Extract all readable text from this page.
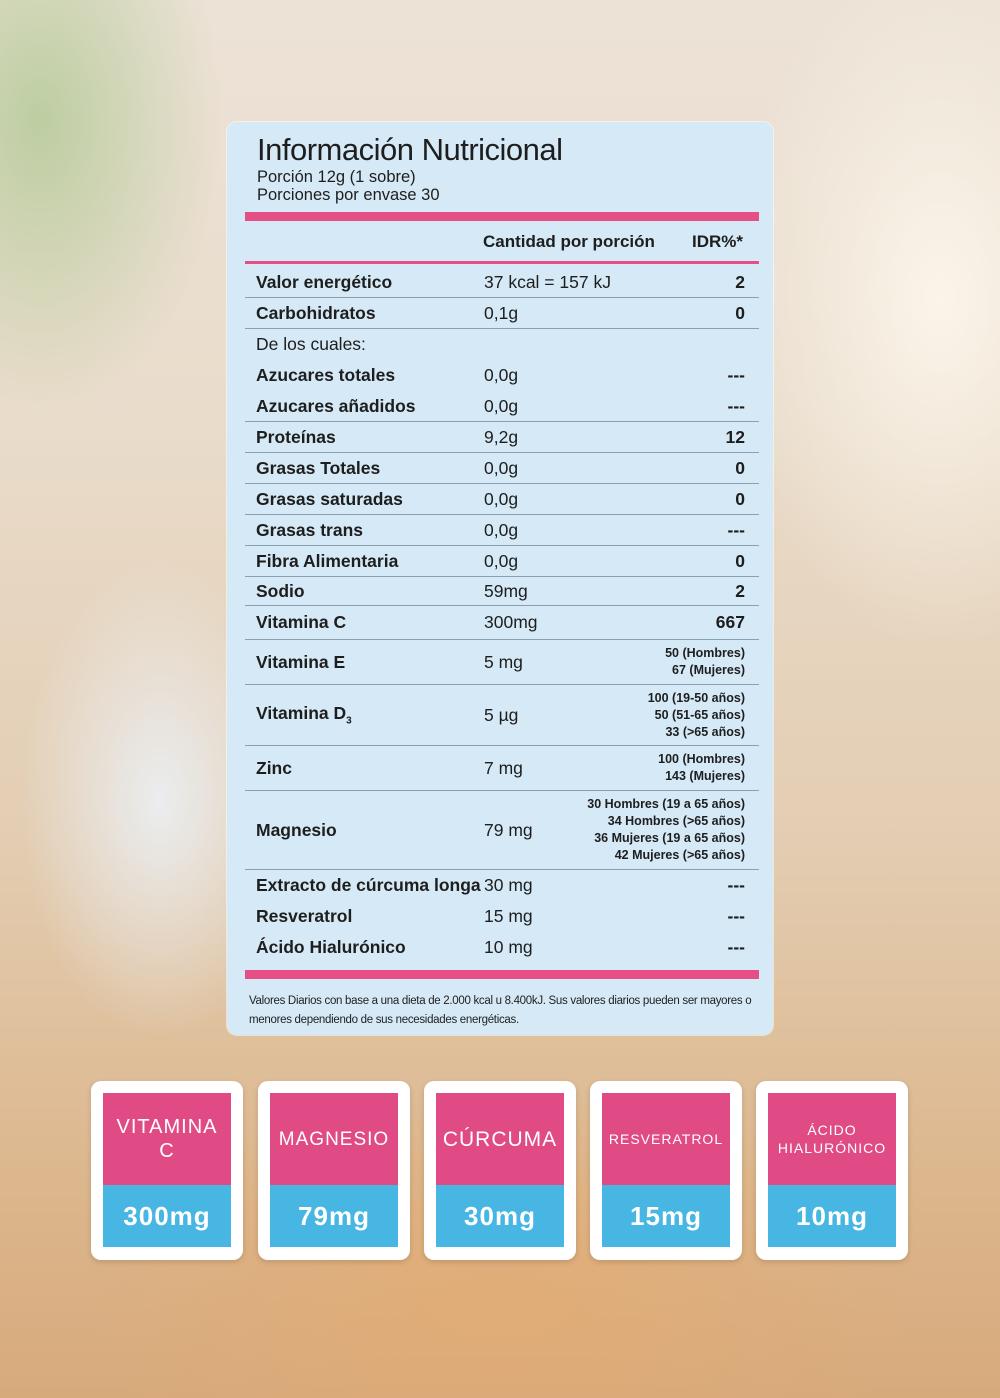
Información Nutricional
Porción 12g (1 sobre)
Porciones por envase 30
Cantidad por porción IDR%*
Valor energético	37 kcal = 157 kJ	2
Carbohidratos	0,1g	0
De los cuales:
Azucares totales	0,0g	---
Azucares añadidos	0,0g	---
Proteínas	9,2g	12
Grasas Totales	0,0g	0
Grasas saturadas	0,0g	0
Grasas trans	0,0g	---
Fibra Alimentaria	0,0g	0
Sodio	59mg	2
Vitamina C	300mg	667
Vitamina E	5 mg	50 (Hombres)
67 (Mujeres)
Vitamina $D_3$	5 µg
100 (19-50 años)
50 (51-65 años)
33 (>65 años)
Zinc	7 mg	100 (Hombres)
143 (Mujeres)
Magnesio	79 mg
30 Hombres (19 a 65 años)
34 Hombres (>65 años)
36 Mujeres (19 a 65 años)
42 Mujeres (>65 años)
Extracto de cúrcuma longa 30 mg	---
Resveratrol	15 mg	---
Ácido Hialurónico	10 mg	---
Valores Diarios con base a una dieta de 2.000 kcal u 8.400kJ. Sus valores diarios pueden ser mayores o menores dependiendo de sus necesidades energéticas.
VITAMINA C
300mg
MAGNESIO
79mg
CÚRCUMA
30mg
RESVERATROL
15mg
ÁCIDO HIALURÓNICO
10mg
